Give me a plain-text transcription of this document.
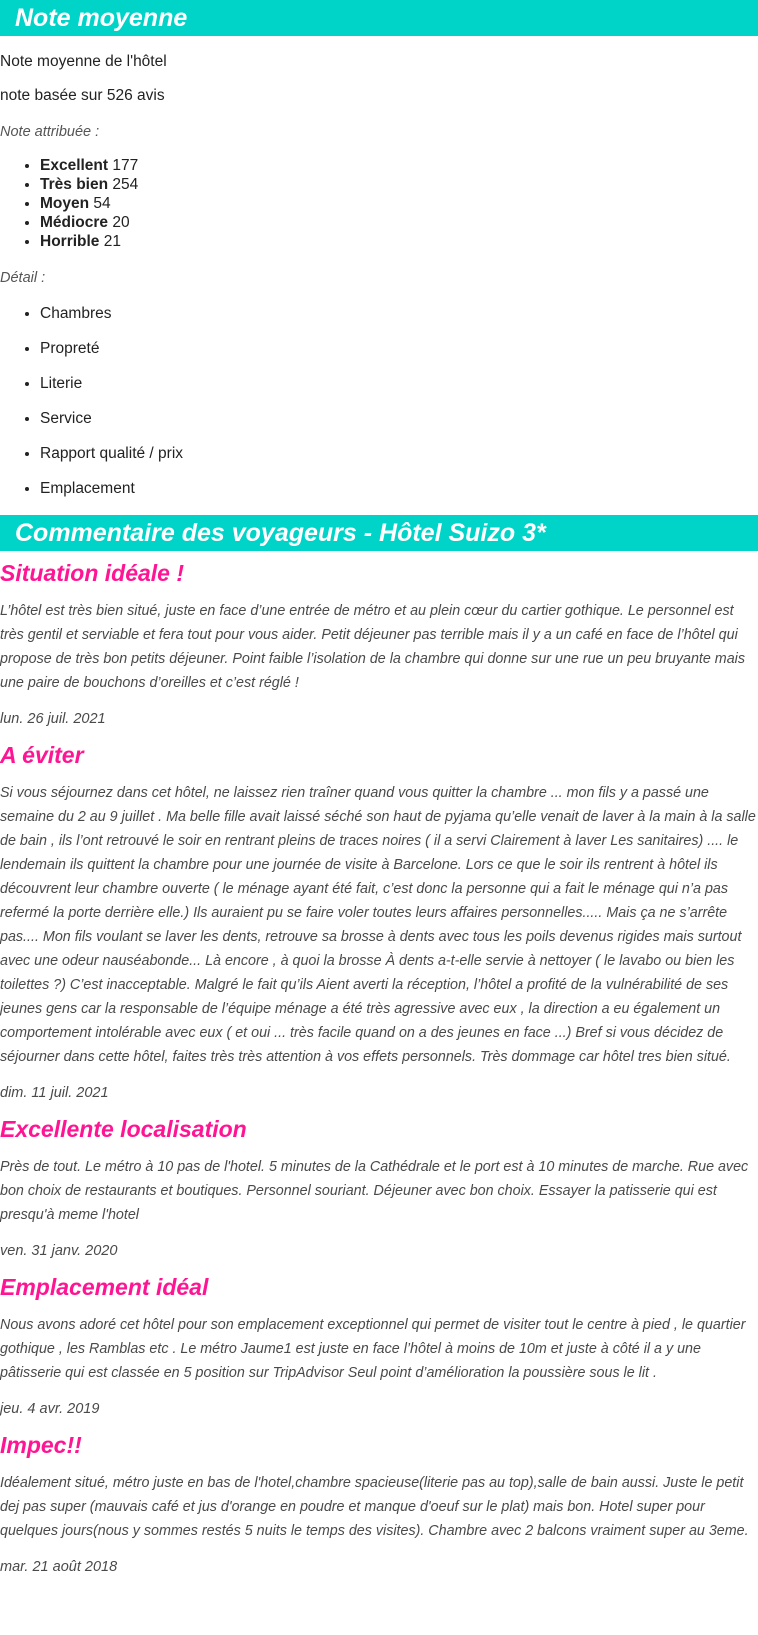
Note moyenne

Note moyenne de l'hôtel

note basée sur 526 avis

Note attribuée :

• Excellent 177
• Très bien 254
• Moyen 54
• Médiocre 20
• Horrible 21

Détail :

• Chambres
• Propreté
• Literie
• Service
• Rapport qualité / prix
• Emplacement
Commentaire des voyageurs - Hôtel Suizo 3*
Situation idéale !

L’hôtel est très bien situé, juste en face d’une entrée de métro et au plein cœur du cartier gothique. Le personnel est très gentil et serviable et fera tout pour vous aider. Petit déjeuner pas terrible mais il y a un café en face de l’hôtel qui propose de très bon petits déjeuner. Point faible l’isolation de la chambre qui donne sur une rue un peu bruyante mais une paire de bouchons d’oreilles et c’est réglé !

lun. 26 juil. 2021

A éviter

Si vous séjournez dans cet hôtel, ne laissez rien traîner quand vous quitter la chambre ... mon fils y a passé une semaine du 2 au 9 juillet . Ma belle fille avait laissé séché son haut de pyjama qu’elle venait de laver à la main à la salle de bain , ils l’ont retrouvé le soir en rentrant pleins de traces noires ( il a servi Clairement à laver Les sanitaires) .... le lendemain ils quittent la chambre pour une journée de visite à Barcelone. Lors ce que le soir ils rentrent à hôtel ils découvrent leur chambre ouverte ( le ménage ayant été fait, c’est donc la personne qui a fait le ménage qui n’a pas refermé la porte derrière elle.) Ils auraient pu se faire voler toutes leurs affaires personnelles..... Mais ça ne s’arrête pas.... Mon fils voulant se laver les dents, retrouve sa brosse à dents avec tous les poils devenus rigides mais surtout avec une odeur nauséabonde... Là encore , à quoi la brosse À dents a-t-elle servie à nettoyer ( le lavabo ou bien les toilettes ?) C’est inacceptable. Malgré le fait qu’ils Aient averti la réception, l’hôtel a profité de la vulnérabilité de ses jeunes gens car la responsable de l’équipe ménage a été très agressive avec eux , la direction a eu également un comportement intolérable avec eux ( et oui ... très facile quand on a des jeunes en face ...) Bref si vous décidez de séjourner dans cette hôtel, faites très très attention à vos effets personnels. Très dommage car hôtel tres bien situé.

dim. 11 juil. 2021

Excellente localisation

Près de tout. Le métro à 10 pas de l'hotel. 5 minutes de la Cathédrale et le port est à 10 minutes de marche. Rue avec bon choix de restaurants et boutiques. Personnel souriant. Déjeuner avec bon choix. Essayer la patisserie qui est presqu'à meme l'hotel

ven. 31 janv. 2020

Emplacement idéal

Nous avons adoré cet hôtel pour son emplacement exceptionnel qui permet de visiter tout le centre à pied , le quartier gothique , les Ramblas etc . Le métro Jaume1 est juste en face l’hôtel à moins de 10m et juste à côté il a y une pâtisserie qui est classée en 5 position sur TripAdvisor Seul point d’amélioration la poussière sous le lit .

jeu. 4 avr. 2019

Impec!!

Idéalement situé, métro juste en bas de l'hotel,chambre spacieuse(literie pas au top),salle de bain aussi. Juste le petit dej pas super (mauvais café et jus d'orange en poudre et manque d'oeuf sur le plat) mais bon. Hotel super pour quelques jours(nous y sommes restés 5 nuits le temps des visites). Chambre avec 2 balcons vraiment super au 3eme.

mar. 21 août 2018
